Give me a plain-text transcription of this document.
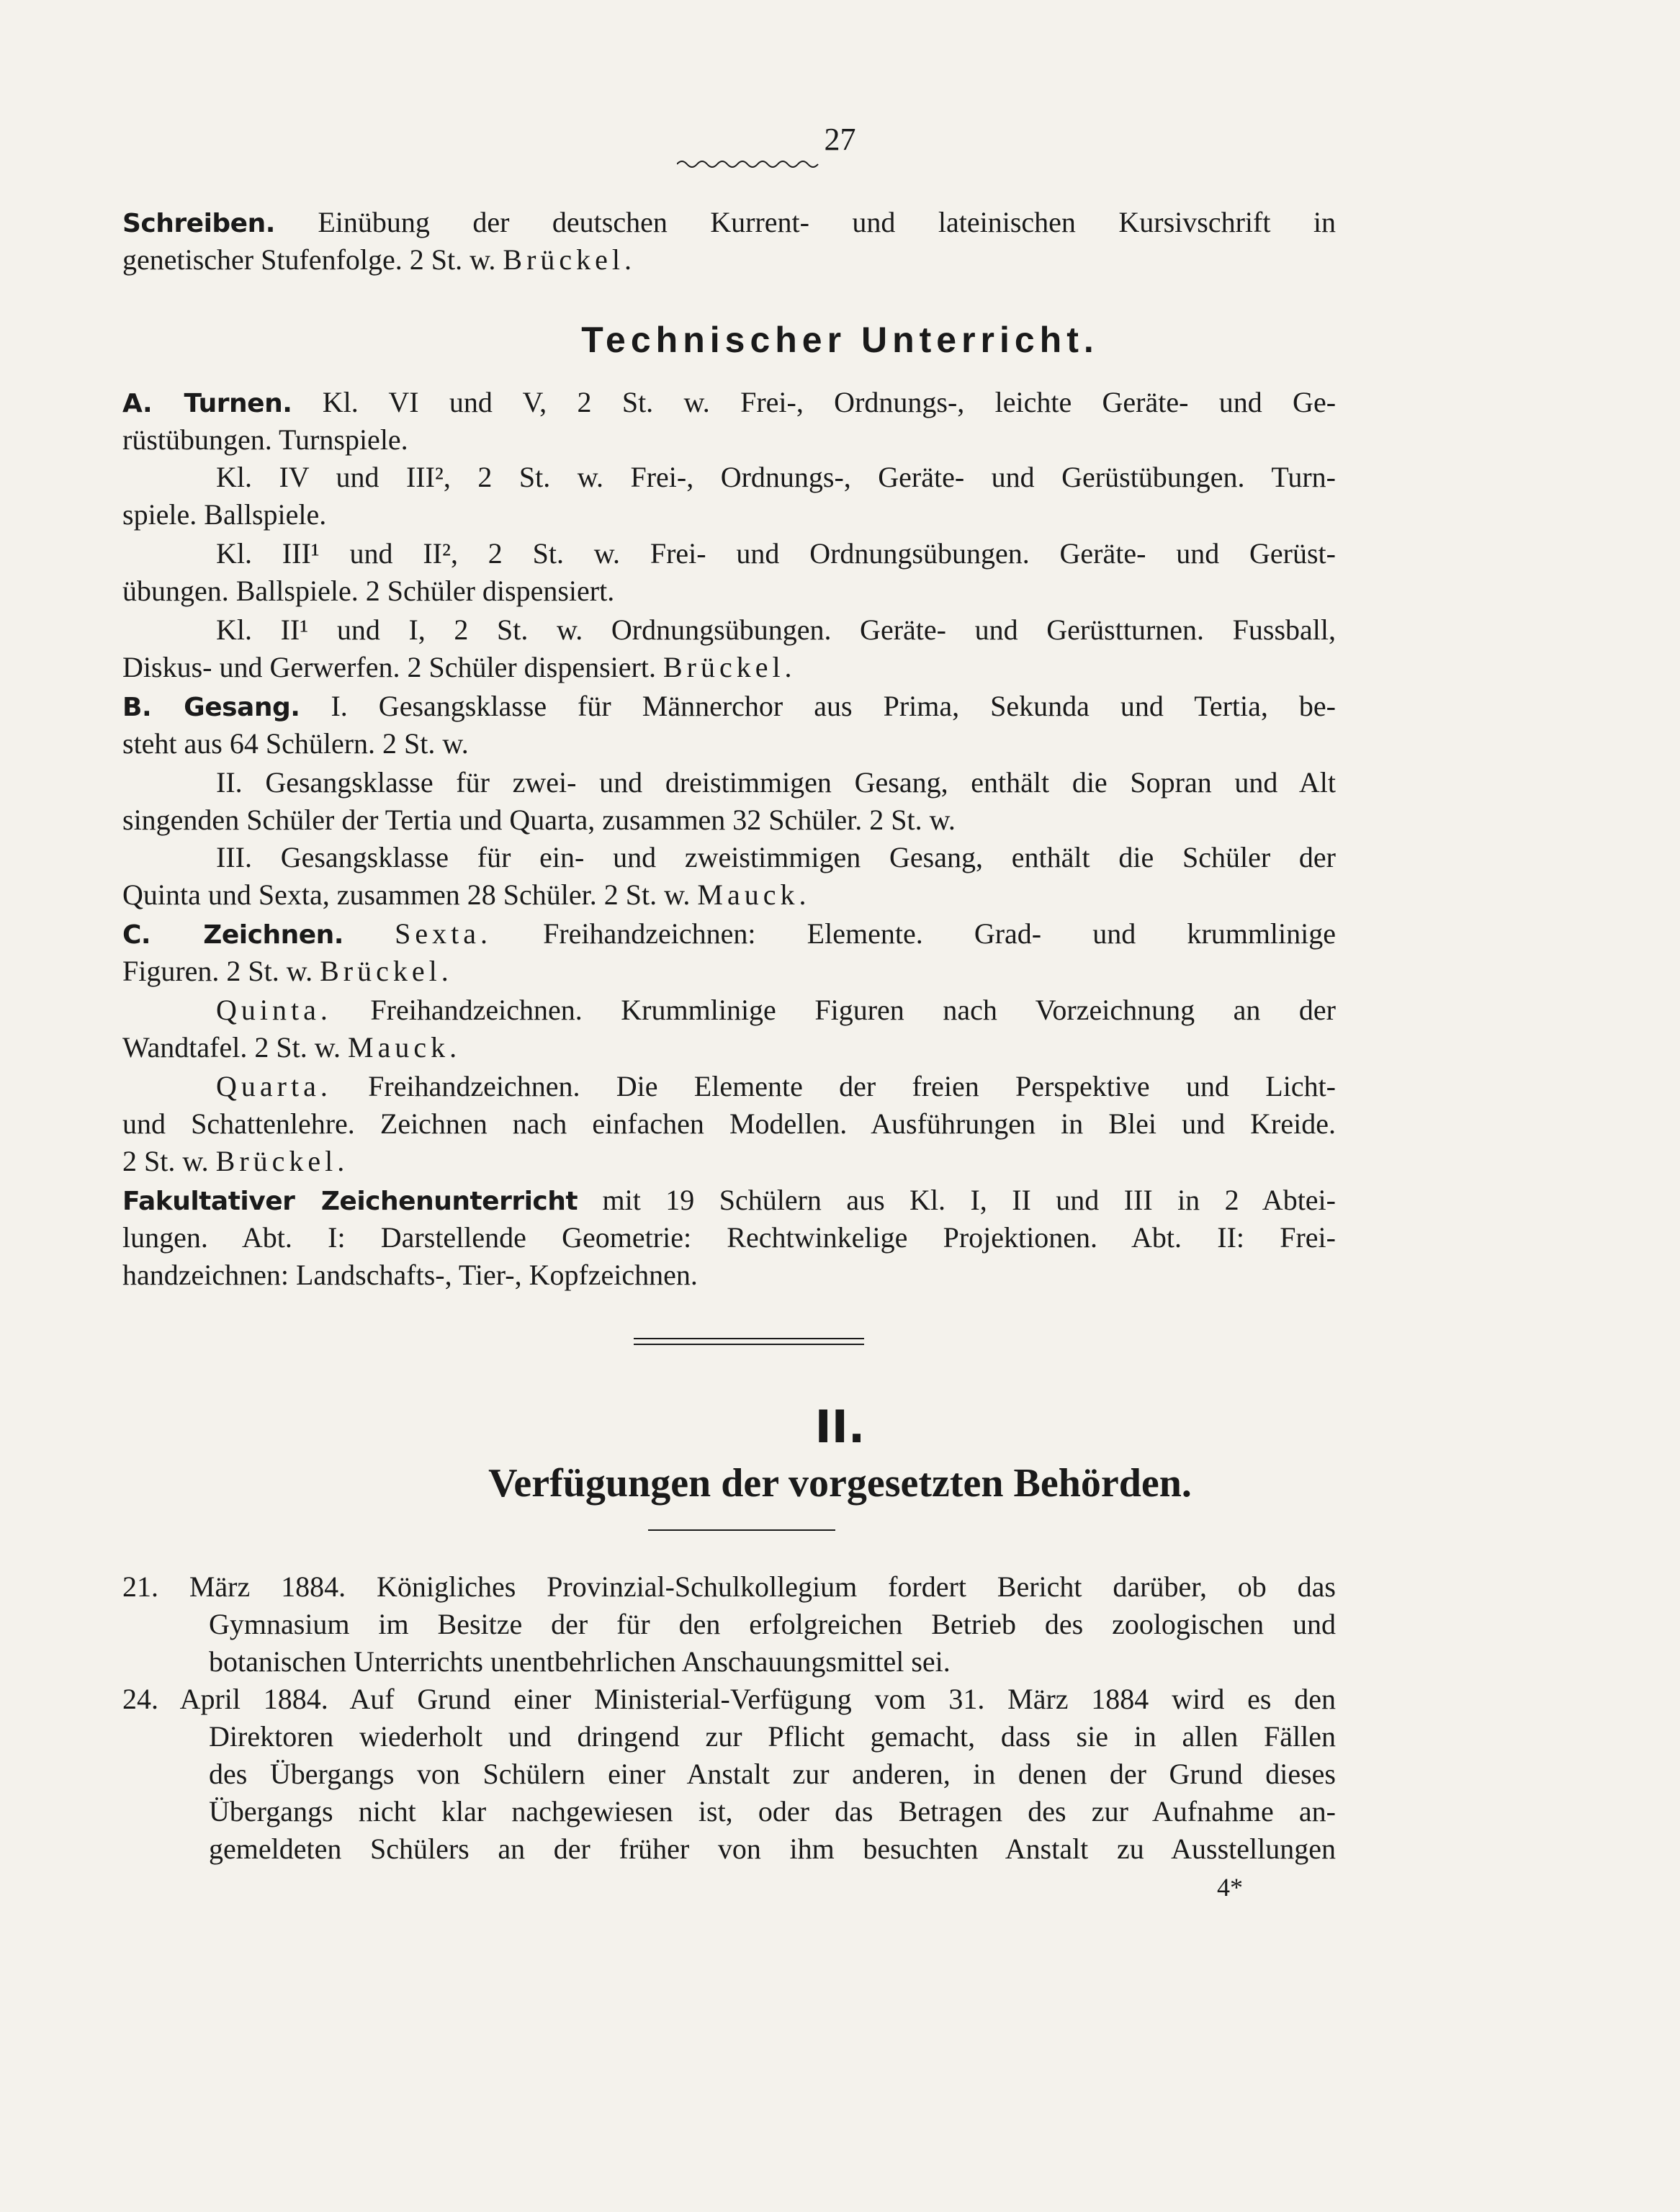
27
Schreiben. Einübung der deutschen Kurrent- und lateinischen Kursivschrift in
genetischer Stufenfolge. 2 St. w. Brückel.
Technischer Unterricht.
A. Turnen. Kl. VI und V, 2 St. w. Frei-, Ordnungs-, leichte Geräte- und Ge-
rüstübungen. Turnspiele.
Kl. IV und III², 2 St. w. Frei-, Ordnungs-, Geräte- und Gerüstübungen. Turn-
spiele. Ballspiele.
Kl. III¹ und II², 2 St. w. Frei- und Ordnungsübungen. Geräte- und Gerüst-
übungen. Ballspiele. 2 Schüler dispensiert.
Kl. II¹ und I, 2 St. w. Ordnungsübungen. Geräte- und Gerüstturnen. Fussball,
Diskus- und Gerwerfen. 2 Schüler dispensiert. Brückel.
B. Gesang. I. Gesangsklasse für Männerchor aus Prima, Sekunda und Tertia, be-
steht aus 64 Schülern. 2 St. w.
II. Gesangsklasse für zwei- und dreistimmigen Gesang, enthält die Sopran und Alt
singenden Schüler der Tertia und Quarta, zusammen 32 Schüler. 2 St. w.
III. Gesangsklasse für ein- und zweistimmigen Gesang, enthält die Schüler der
Quinta und Sexta, zusammen 28 Schüler. 2 St. w. Mauck.
C. Zeichnen. Sexta. Freihandzeichnen: Elemente. Grad- und krummlinige
Figuren. 2 St. w. Brückel.
Quinta. Freihandzeichnen. Krummlinige Figuren nach Vorzeichnung an der
Wandtafel. 2 St. w. Mauck.
Quarta. Freihandzeichnen. Die Elemente der freien Perspektive und Licht-
und Schattenlehre. Zeichnen nach einfachen Modellen. Ausführungen in Blei und Kreide.
2 St. w. Brückel.
Fakultativer Zeichenunterricht mit 19 Schülern aus Kl. I, II und III in 2 Abtei-
lungen. Abt. I: Darstellende Geometrie: Rechtwinkelige Projektionen. Abt. II: Frei-
handzeichnen: Landschafts-, Tier-, Kopfzeichnen.
II.
Verfügungen der vorgesetzten Behörden.
21. März 1884. Königliches Provinzial-Schulkollegium fordert Bericht darüber, ob das
Gymnasium im Besitze der für den erfolgreichen Betrieb des zoologischen und
botanischen Unterrichts unentbehrlichen Anschauungsmittel sei.
24. April 1884. Auf Grund einer Ministerial-Verfügung vom 31. März 1884 wird es den
Direktoren wiederholt und dringend zur Pflicht gemacht, dass sie in allen Fällen
des Übergangs von Schülern einer Anstalt zur anderen, in denen der Grund dieses
Übergangs nicht klar nachgewiesen ist, oder das Betragen des zur Aufnahme an-
gemeldeten Schülers an der früher von ihm besuchten Anstalt zu Ausstellungen
4*
